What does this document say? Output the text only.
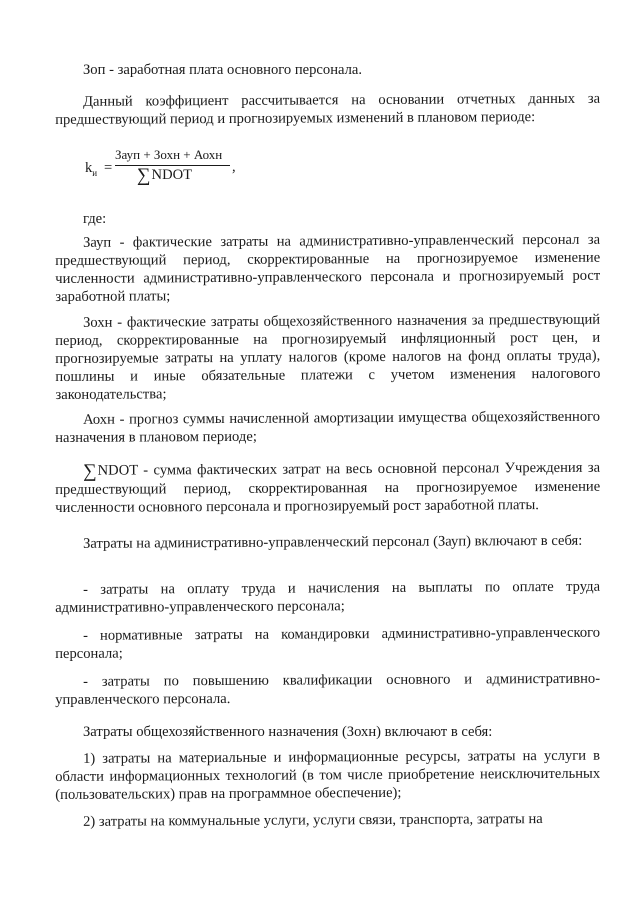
Зоп - заработная плата основного персонала.
Данный коэффициент рассчитывается на основании отчетных данных за предшествующий период и прогнозируемых изменений в плановом периоде:
$k_и$ =
Зауп + Зохн + Аохн
∑NDOT	,
где:
Зауп - фактические затраты на административно-управленческий персонал за предшествующий период, скорректированные на прогнозируемое изменение численности административно-управленческого персонала и прогнозируемый рост заработной платы;
Зохн - фактические затраты общехозяйственного назначения за предшествующий период, скорректированные на прогнозируемый инфляционный рост цен, и прогнозируемые затраты на уплату налогов (кроме налогов на фонд оплаты труда), пошлины и иные обязательные платежи с учетом изменения налогового законодательства;
Аохн - прогноз суммы начисленной амортизации имущества общехозяйственного назначения в плановом периоде;
∑NDOT - сумма фактических затрат на весь основной персонал Учреждения за предшествующий период, скорректированная на прогнозируемое изменение численности основного персонала и прогнозируемый рост заработной платы.
Затраты на административно-управленческий персонал (Зауп) включают в себя:
- затраты на оплату труда и начисления на выплаты по оплате труда административно-управленческого персонала;
- нормативные затраты на командировки административно-управленческого персонала;
- затраты по повышению квалификации основного и административно-управленческого персонала.
Затраты общехозяйственного назначения (Зохн) включают в себя:
1) затраты на материальные и информационные ресурсы, затраты на услуги в области информационных технологий (в том числе приобретение неисключительных (пользовательских) прав на программное обеспечение);
2) затраты на коммунальные услуги, услуги связи, транспорта, затраты на
